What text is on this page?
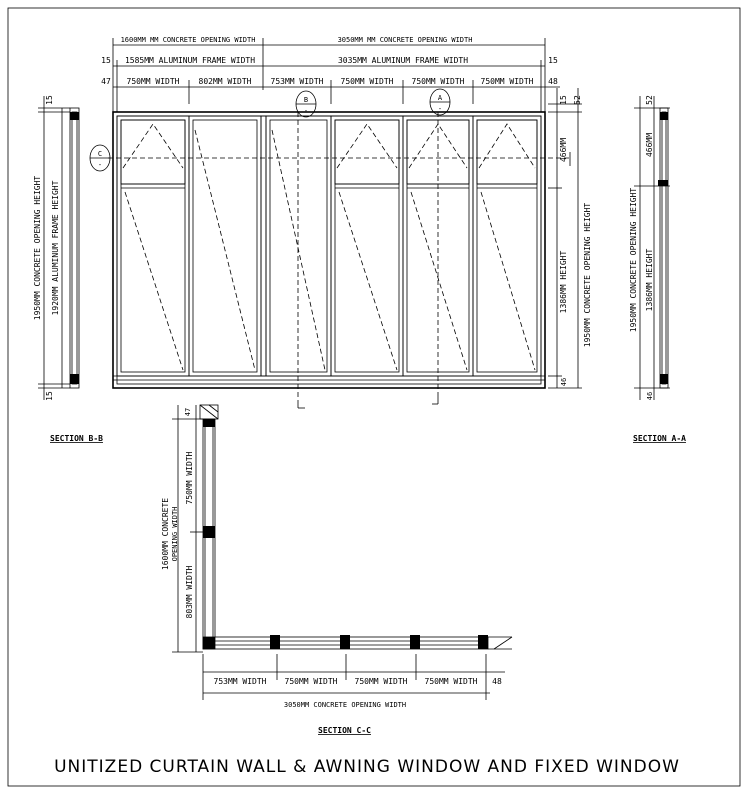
1600MM MM CONCRETE OPENING WIDTH	3050MM MM CONCRETE OPENING WIDTH
15 1585MM ALUMINUM FRAME WIDTH	3035MM ALUMINUM FRAME WIDTH	15
47 750MM WIDTH 802MM WIDTH 753MM WIDTH 750MM WIDTH 750MM WIDTH 750MM WIDTH 48
C
-
B
-
A
-
15 52
466MM
1386MM HEIGHT 1950MM CONCRETE OPENING HEIGHT
46
15
1950MM CONCRETE OPENING HEIGHT 1920MM ALUMINUM FRAME HEIGHT
15
SECTION B-B
52
466MM
1950MM CONCRETE OPENING HEIGHT 1386MM HEIGHT
46
SECTION A-A
47
750MM WIDTH
1600MM CONCRETE OPENING WIDTH
803MM WIDTH
753MM WIDTH 750MM WIDTH 750MM WIDTH 750MM WIDTH 48
3050MM CONCRETE OPENING WIDTH
SECTION C-C
UNITIZED CURTAIN WALL & AWNING WINDOW AND FIXED WINDOW
